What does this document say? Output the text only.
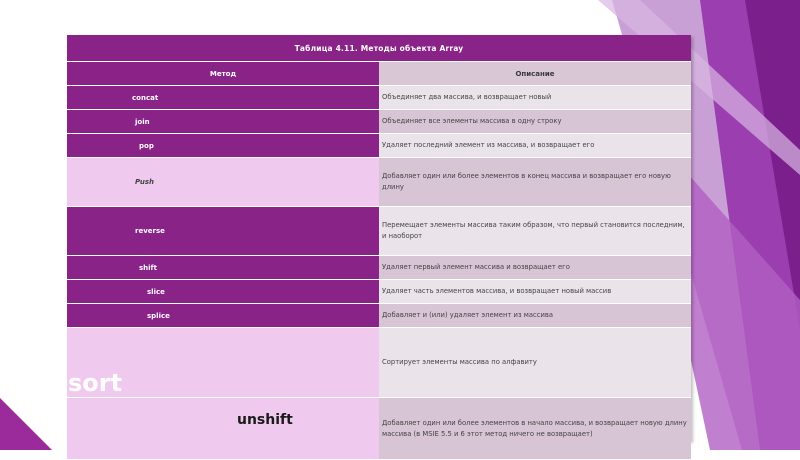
Таблица 4.11. Методы объекта Array	
Метод	Описание
concat	Объединяет два массива, и возвращает новый
join	Объединяет все элементы массива в одну строку
pop	Удаляет последний элемент из массива, и возвращает его
Push	Добавляет один или более элементов в конец массива и возвращает его новую длину
reverse	Перемещает элементы массива таким образом, что первый становится последним, и наоборот
shift	Удаляет первый элемент массива и возвращает его
slice	Удаляет часть элементов массива, и возвращает новый массив
splice	Добавляет и (или) удаляет элемент из массива
sort	Сортирует элементы массива по алфавиту
unshift	Добавляет один или более элементов в начало массива, и возвращает новую длину массива (в MSIE 5.5 и 6 этот метод ничего не возвращает)
